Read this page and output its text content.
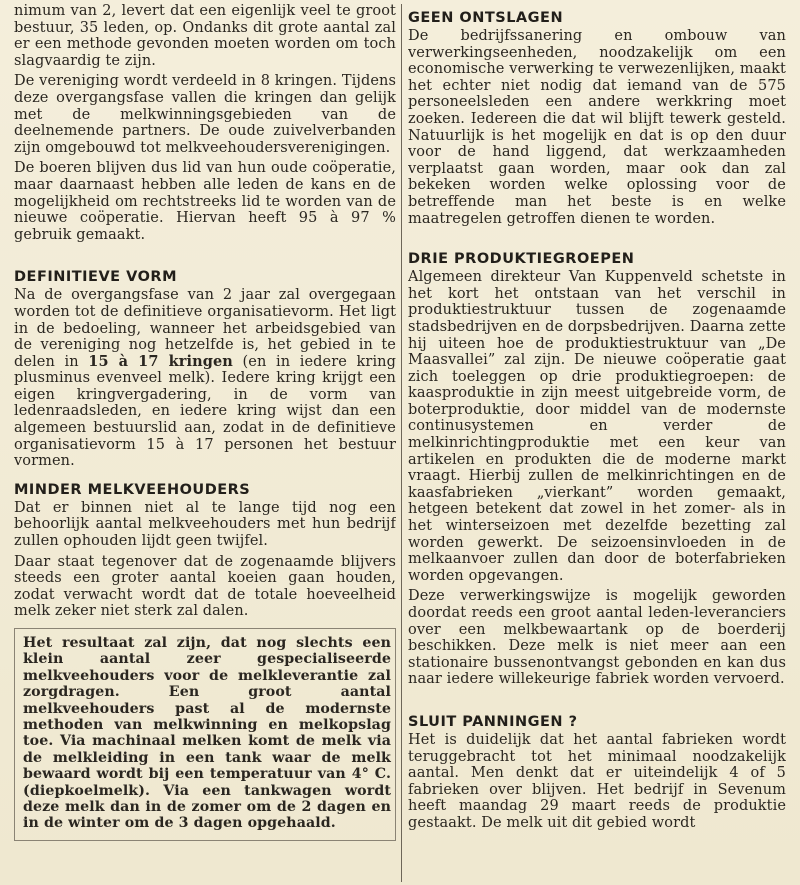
nimum van 2, levert dat een eigenlijk veel te groot bestuur, 35 leden, op. Ondanks dit grote aantal zal er een methode gevonden moeten worden om toch slagvaardig te zijn.

De vereniging wordt verdeeld in 8 kringen. Tijdens deze overgangsfase vallen die kringen dan gelijk met de melkwinningsgebieden van de deelnemende partners. De oude zuivelverbanden zijn omgebouwd tot melkveehoudersverenigingen.

De boeren blijven dus lid van hun oude coöperatie, maar daarnaast hebben alle leden de kans en de mogelijkheid om rechtstreeks lid te worden van de nieuwe coöperatie. Hiervan heeft 95 à 97 % gebruik gemaakt.

DEFINITIEVE VORM

Na de overgangsfase van 2 jaar zal overgegaan worden tot de definitieve organisatievorm. Het ligt in de bedoeling, wanneer het arbeidsgebied van de vereniging nog hetzelfde is, het gebied in te delen in 15 à 17 kringen (en in iedere kring plusminus evenveel melk). Iedere kring krijgt een eigen kringvergadering, in de vorm van ledenraadsleden, en iedere kring wijst dan een algemeen bestuurslid aan, zodat in de definitieve organisatievorm 15 à 17 personen het bestuur vormen.

MINDER MELKVEEHOUDERS

Dat er binnen niet al te lange tijd nog een behoorlijk aantal melkveehouders met hun bedrijf zullen ophouden lijdt geen twijfel.

Daar staat tegenover dat de zogenaamde blijvers steeds een groter aantal koeien gaan houden, zodat verwacht wordt dat de totale hoeveelheid melk zeker niet sterk zal dalen.

Het resultaat zal zijn, dat nog slechts een klein aantal zeer gespecialiseerde melkveehouders voor de melkleverantie zal zorgdragen. Een groot aantal melkveehouders past al de modernste methoden van melkwinning en melkopslag toe. Via machinaal melken komt de melk via de melkleiding in een tank waar de melk bewaard wordt bij een temperatuur van 4° C. (diepkoelmelk). Via een tankwagen wordt deze melk dan in de zomer om de 2 dagen en in de winter om de 3 dagen opgehaald.

GEEN ONTSLAGEN

De bedrijfssanering en ombouw van verwerkingseenheden, noodzakelijk om een economische verwerking te verwezenlijken, maakt het echter niet nodig dat iemand van de 575 personeelsleden een andere werkkring moet zoeken. Iedereen die dat wil blijft tewerk gesteld. Natuurlijk is het mogelijk en dat is op den duur voor de hand liggend, dat werkzaamheden verplaatst gaan worden, maar ook dan zal bekeken worden welke oplossing voor de betreffende man het beste is en welke maatregelen getroffen dienen te worden.

DRIE PRODUKTIEGROEPEN

Algemeen direkteur Van Kuppenveld schetste in het kort het ontstaan van het verschil in produktiestruktuur tussen de zogenaamde stadsbedrijven en de dorpsbedrijven. Daarna zette hij uiteen hoe de produktiestruktuur van „De Maasvallei” zal zijn. De nieuwe coöperatie gaat zich toeleggen op drie produktiegroepen: de kaasproduktie in zijn meest uitgebreide vorm, de boterproduktie, door middel van de modernste continusystemen en verder de melkinrichtingproduktie met een keur van artikelen en produkten die de moderne markt vraagt. Hierbij zullen de melkinrichtingen en de kaasfabrieken „vierkant” worden gemaakt, hetgeen betekent dat zowel in het zomer- als in het winterseizoen met dezelfde bezetting zal worden gewerkt. De seizoensinvloeden in de melkaanvoer zullen dan door de boterfabrieken worden opgevangen.

Deze verwerkingswijze is mogelijk geworden doordat reeds een groot aantal leden-leveranciers over een melkbewaartank op de boerderij beschikken. Deze melk is niet meer aan een stationaire bussenontvangst gebonden en kan dus naar iedere willekeurige fabriek worden vervoerd.

SLUIT PANNINGEN ?

Het is duidelijk dat het aantal fabrieken wordt teruggebracht tot het minimaal noodzakelijk aantal. Men denkt dat er uiteindelijk 4 of 5 fabrieken over blijven. Het bedrijf in Sevenum heeft maandag 29 maart reeds de produktie gestaakt. De melk uit dit gebied wordt
